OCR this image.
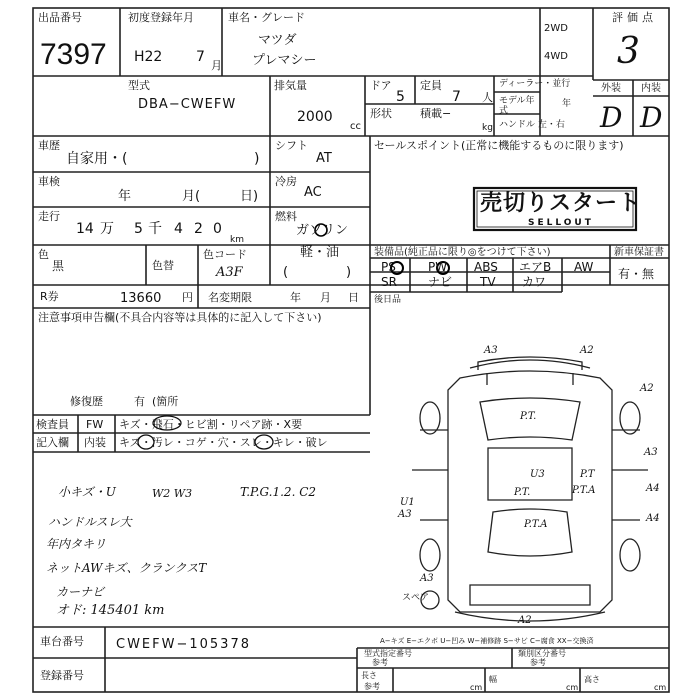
出品番号
7397
初度登録年月
H22 7
月
車名・グレード
マツダ
プレマシー
2WD
4WD
評価点
3
外装 内装
D D
型式
DBA−CWEFW
排気量
2000
cc
ドア
5
定員
7 人
形状	積載 −
kg
ディーラー・並行
モデル年式
年
ハンドル 左・右
車歴
自家用・(	)
シフト
AT
車検
年	月(	日)
冷房
AC
走行
14 万 5 千 4 2 0
km
燃料
ガソリン
軽・油
(	)
色
黒	色替
色コード
A3F
R券	13660 円 名変期限	年 月 日
セールスポイント(正常に機能するものに限ります)
売切りスタート
SELLOUT
装備品(純正品に限り◎をつけて下さい)
PS	PW ABS エアB AW
SR	ナビ TV カワ
新車保証書
有・無
後日品
注意事項申告欄(不具合内容等は具体的に記入して下さい)
修復歴	有 (箇所
検査員
記入欄
FW キズ・飛石・ヒビ割・リペア跡・X要
内装 キズ・汚レ・コゲ・穴・スレ・キレ・破レ
小キズ・U	W2 W3	T.P.G.1.2. C2
ハンドルスレ大
年内タキリ
ネットAWキズ、クランクスT
カーナビ
オド: 145401 km
A3	A2
A2
A3
A4
A4
U1
A3
P.T.
P.T.
P.T
P.T.A
P.T.A
U3
A3
A2
スペア
車台番号 CWEFW−105378
登録番号
A−キズ E−エクボ U−凹み W−補修跡 S−サビ C−腐食 XX−交換済
型式指定番号
参考
類別区分番号
参考
長さ
参考	cm
幅
cm
高さ
cm
